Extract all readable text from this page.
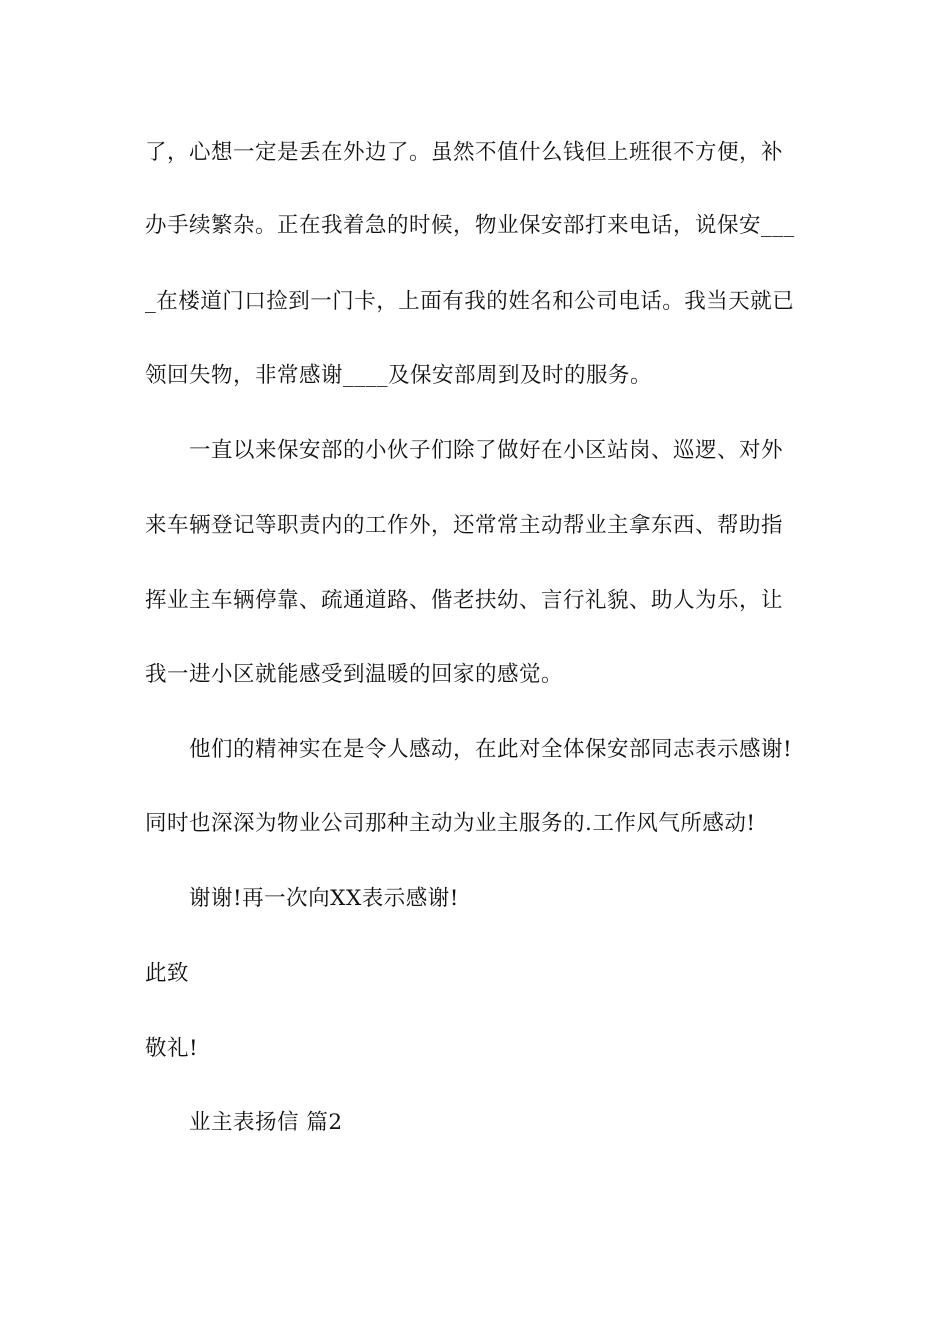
了，心想一定是丢在外边了。虽然不值什么钱但上班很不方便，补
办手续繁杂。正在我着急的时候，物业保安部打来电话，说保安___
_在楼道门口捡到一门卡，上面有我的姓名和公司电话。我当天就已
领回失物，非常感谢____及保安部周到及时的服务。
一直以来保安部的小伙子们除了做好在小区站岗、巡逻、对外
来车辆登记等职责内的工作外，还常常主动帮业主拿东西、帮助指
挥业主车辆停靠、疏通道路、偕老扶幼、言行礼貌、助人为乐，让
我一进小区就能感受到温暖的回家的感觉。
他们的精神实在是令人感动，在此对全体保安部同志表示感谢!
同时也深深为物业公司那种主动为业主服务的.工作风气所感动!
谢谢!再一次向XX表示感谢!
此致
敬礼!
业主表扬信 篇2
